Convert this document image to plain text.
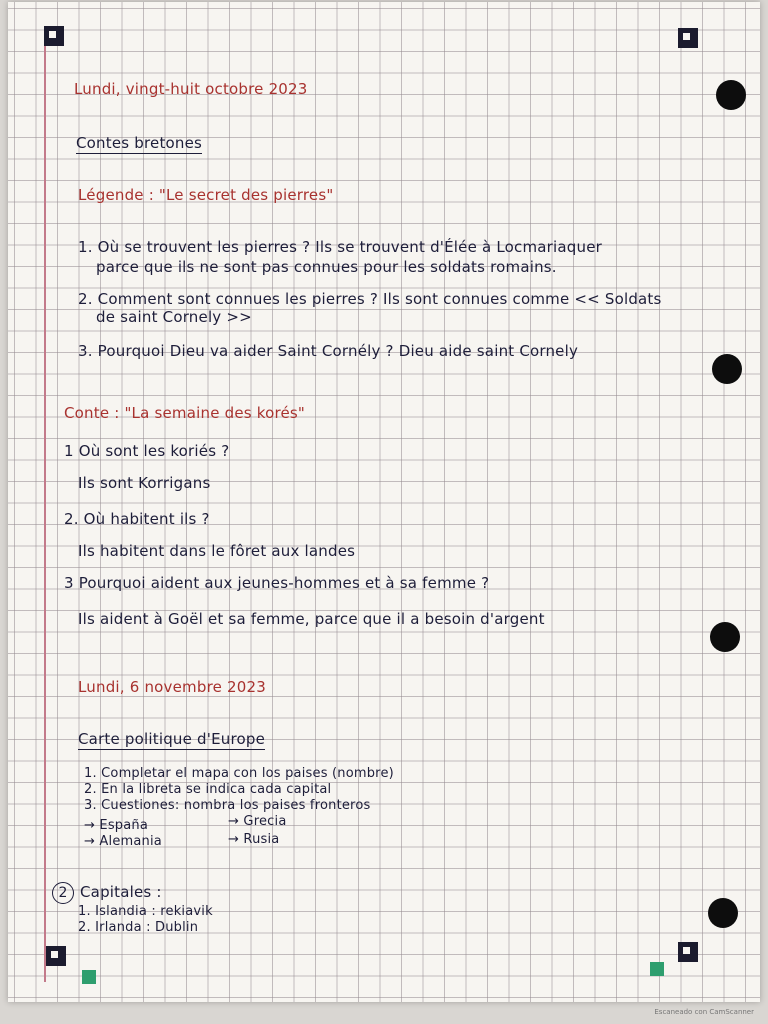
Lundi, vingt-huit octobre 2023
Contes bretones
Légende : "Le secret des pierres"
1. Où se trouvent les pierres ? Ils se trouvent d'Élée à Locmariaquer
parce que ils ne sont pas connues pour les soldats romains.
2. Comment sont connues les pierres ? Ils sont connues comme << Soldats
de saint Cornely >>
3. Pourquoi Dieu va aider Saint Cornély ? Dieu aide saint Cornely
Conte : "La semaine des korés"
1 Où sont les koriés ?
Ils sont Korrigans
2. Où habitent ils ?
Ils habitent dans le fôret aux landes
3 Pourquoi aident aux jeunes-hommes et à sa femme ?
Ils aident à Goël et sa femme, parce que il a besoin d'argent
Lundi, 6 novembre 2023
Carte politique d'Europe
1. Completar el mapa con los paises (nombre)
2. En la libreta se indica cada capital
3. Cuestiones: nombra los paises fronteros
→ España
→ Alemania
→ Grecia
→ Rusia
2 Capitales :
1. Islandia : rekiavik
2. Irlanda : Dublin
Escaneado con CamScanner
